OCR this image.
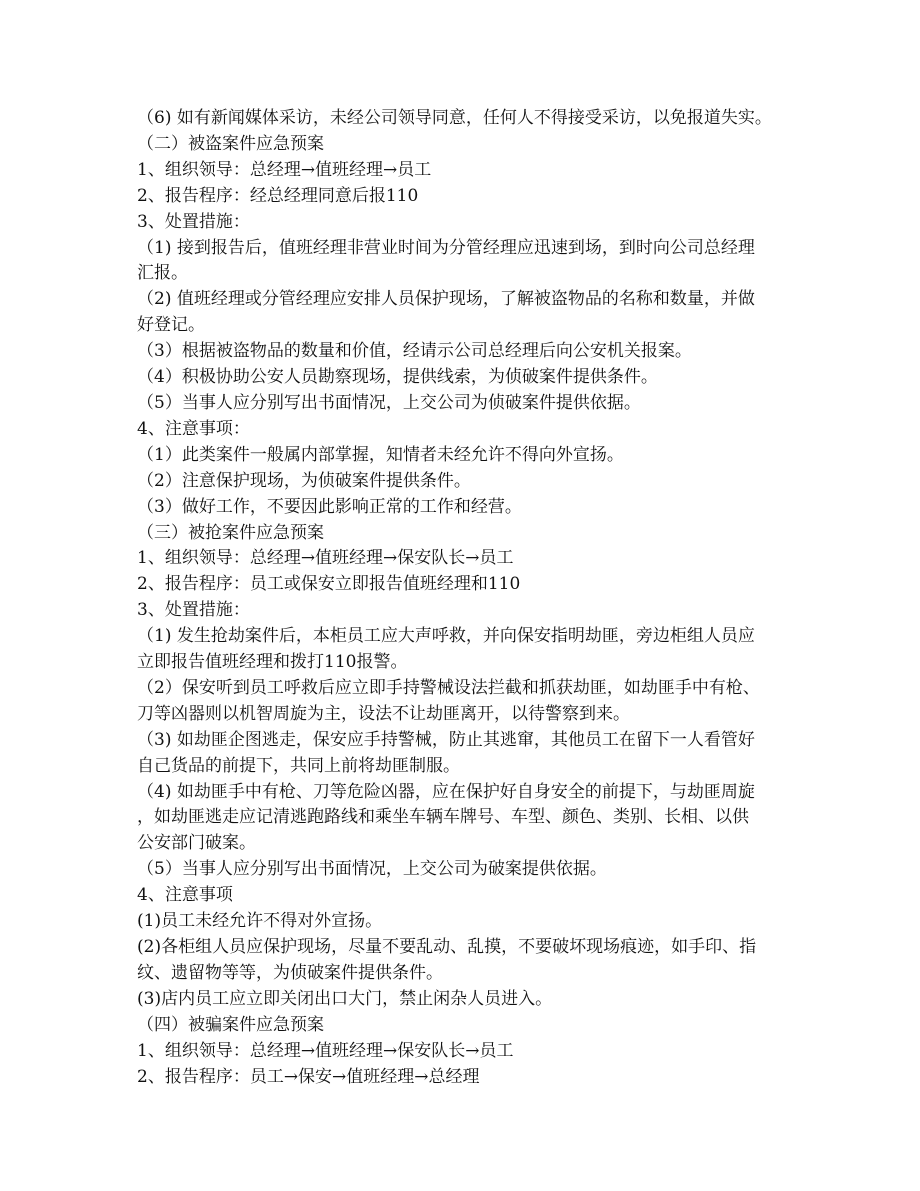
（6) 如有新闻媒体采访，未经公司领导同意，任何人不得接受采访，以免报道失实。
（二）被盗案件应急预案
1、组织领导：总经理→值班经理→员工
2、报告程序：经总经理同意后报110
3、处置措施：
（1) 接到报告后，值班经理非营业时间为分管经理应迅速到场，到时向公司总经理
汇报。
（2) 值班经理或分管经理应安排人员保护现场，了解被盗物品的名称和数量，并做
好登记。
（3）根据被盗物品的数量和价值，经请示公司总经理后向公安机关报案。
（4）积极协助公安人员勘察现场，提供线索，为侦破案件提供条件。
（5）当事人应分别写出书面情况，上交公司为侦破案件提供依据。
4、注意事项：
（1）此类案件一般属内部掌握，知情者未经允许不得向外宣扬。
（2）注意保护现场，为侦破案件提供条件。
（3）做好工作，不要因此影响正常的工作和经营。
（三）被抢案件应急预案
1、组织领导：总经理→值班经理→保安队长→员工
2、报告程序：员工或保安立即报告值班经理和110
3、处置措施：
（1) 发生抢劫案件后，本柜员工应大声呼救，并向保安指明劫匪，旁边柜组人员应
立即报告值班经理和拨打110报警。
（2）保安听到员工呼救后应立即手持警械设法拦截和抓获劫匪，如劫匪手中有枪、
刀等凶器则以机智周旋为主，设法不让劫匪离开，以待警察到来。
（3) 如劫匪企图逃走，保安应手持警械，防止其逃窜，其他员工在留下一人看管好
自己货品的前提下，共同上前将劫匪制服。
（4) 如劫匪手中有枪、刀等危险凶器，应在保护好自身安全的前提下，与劫匪周旋
，如劫匪逃走应记清逃跑路线和乘坐车辆车牌号、车型、颜色、类别、长相、以供
公安部门破案。
（5）当事人应分别写出书面情况，上交公司为破案提供依据。
4、注意事项
(1)员工未经允许不得对外宣扬。
(2)各柜组人员应保护现场，尽量不要乱动、乱摸，不要破坏现场痕迹，如手印、指
纹、遗留物等等，为侦破案件提供条件。
(3)店内员工应立即关闭出口大门，禁止闲杂人员进入。
（四）被骗案件应急预案
1、组织领导：总经理→值班经理→保安队长→员工
2、报告程序：员工→保安→值班经理→总经理
